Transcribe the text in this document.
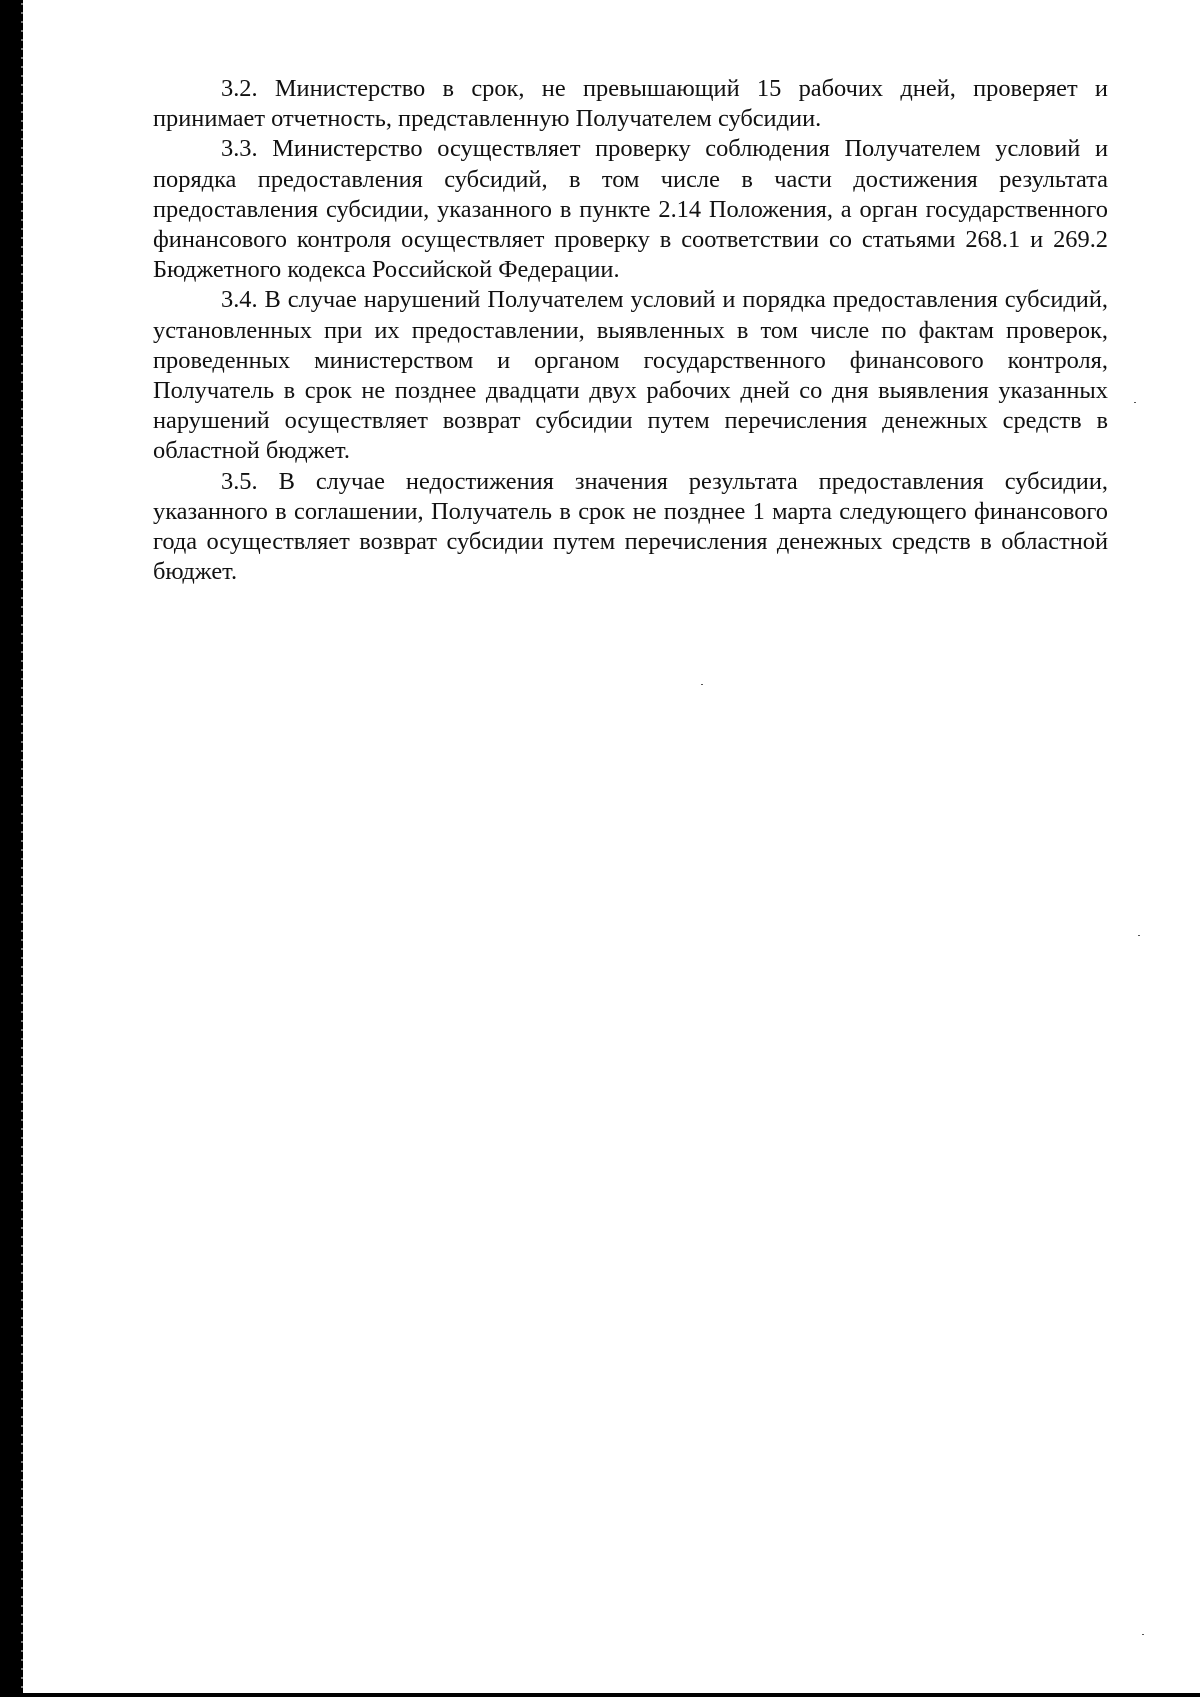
3.2. Министерство в срок, не превышающий 15 рабочих дней, проверяет и принимает отчетность, представленную Получателем субсидии.

3.3. Министерство осуществляет проверку соблюдения Получателем условий и порядка предоставления субсидий, в том числе в части достижения результата предоставления субсидии, указанного в пункте 2.14 Положения, а орган государственного финансового контроля осуществляет проверку в соответствии со статьями 268.1 и 269.2 Бюджетного кодекса Российской Федерации.

3.4. В случае нарушений Получателем условий и порядка предоставления субсидий, установленных при их предоставлении, выявленных в том числе по фактам проверок, проведенных министерством и органом государственного финансового контроля, Получатель в срок не позднее двадцати двух рабочих дней со дня выявления указанных нарушений осуществляет возврат субсидии путем перечисления денежных средств в областной бюджет.

3.5. В случае недостижения значения результата предоставления субсидии, указанного в соглашении, Получатель в срок не позднее 1 марта следующего финансового года осуществляет возврат субсидии путем перечисления денежных средств в областной бюджет.
